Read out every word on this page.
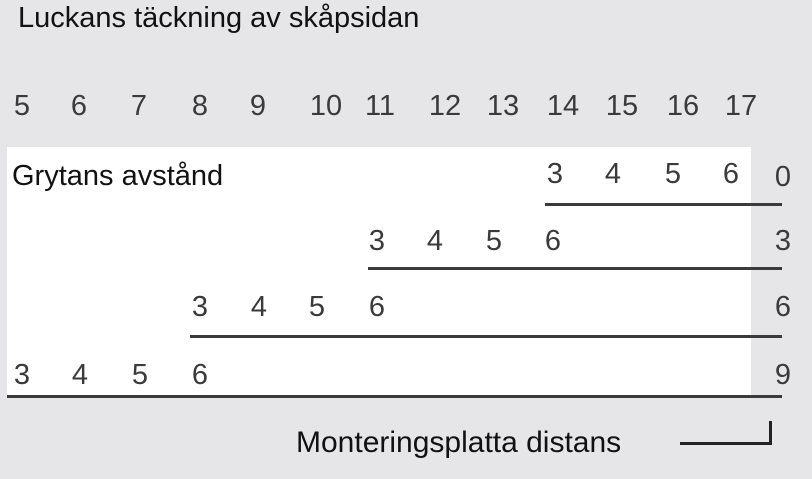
Luckans täckning av skåpsidan
5	6	7	8	9	10 11	12 13 14 15 16 17
Grytans avstånd	3	4	5	6	0
3	4	5	6	3
3	4	5	6	6
3	4	5	6	9
Monteringsplatta distans
